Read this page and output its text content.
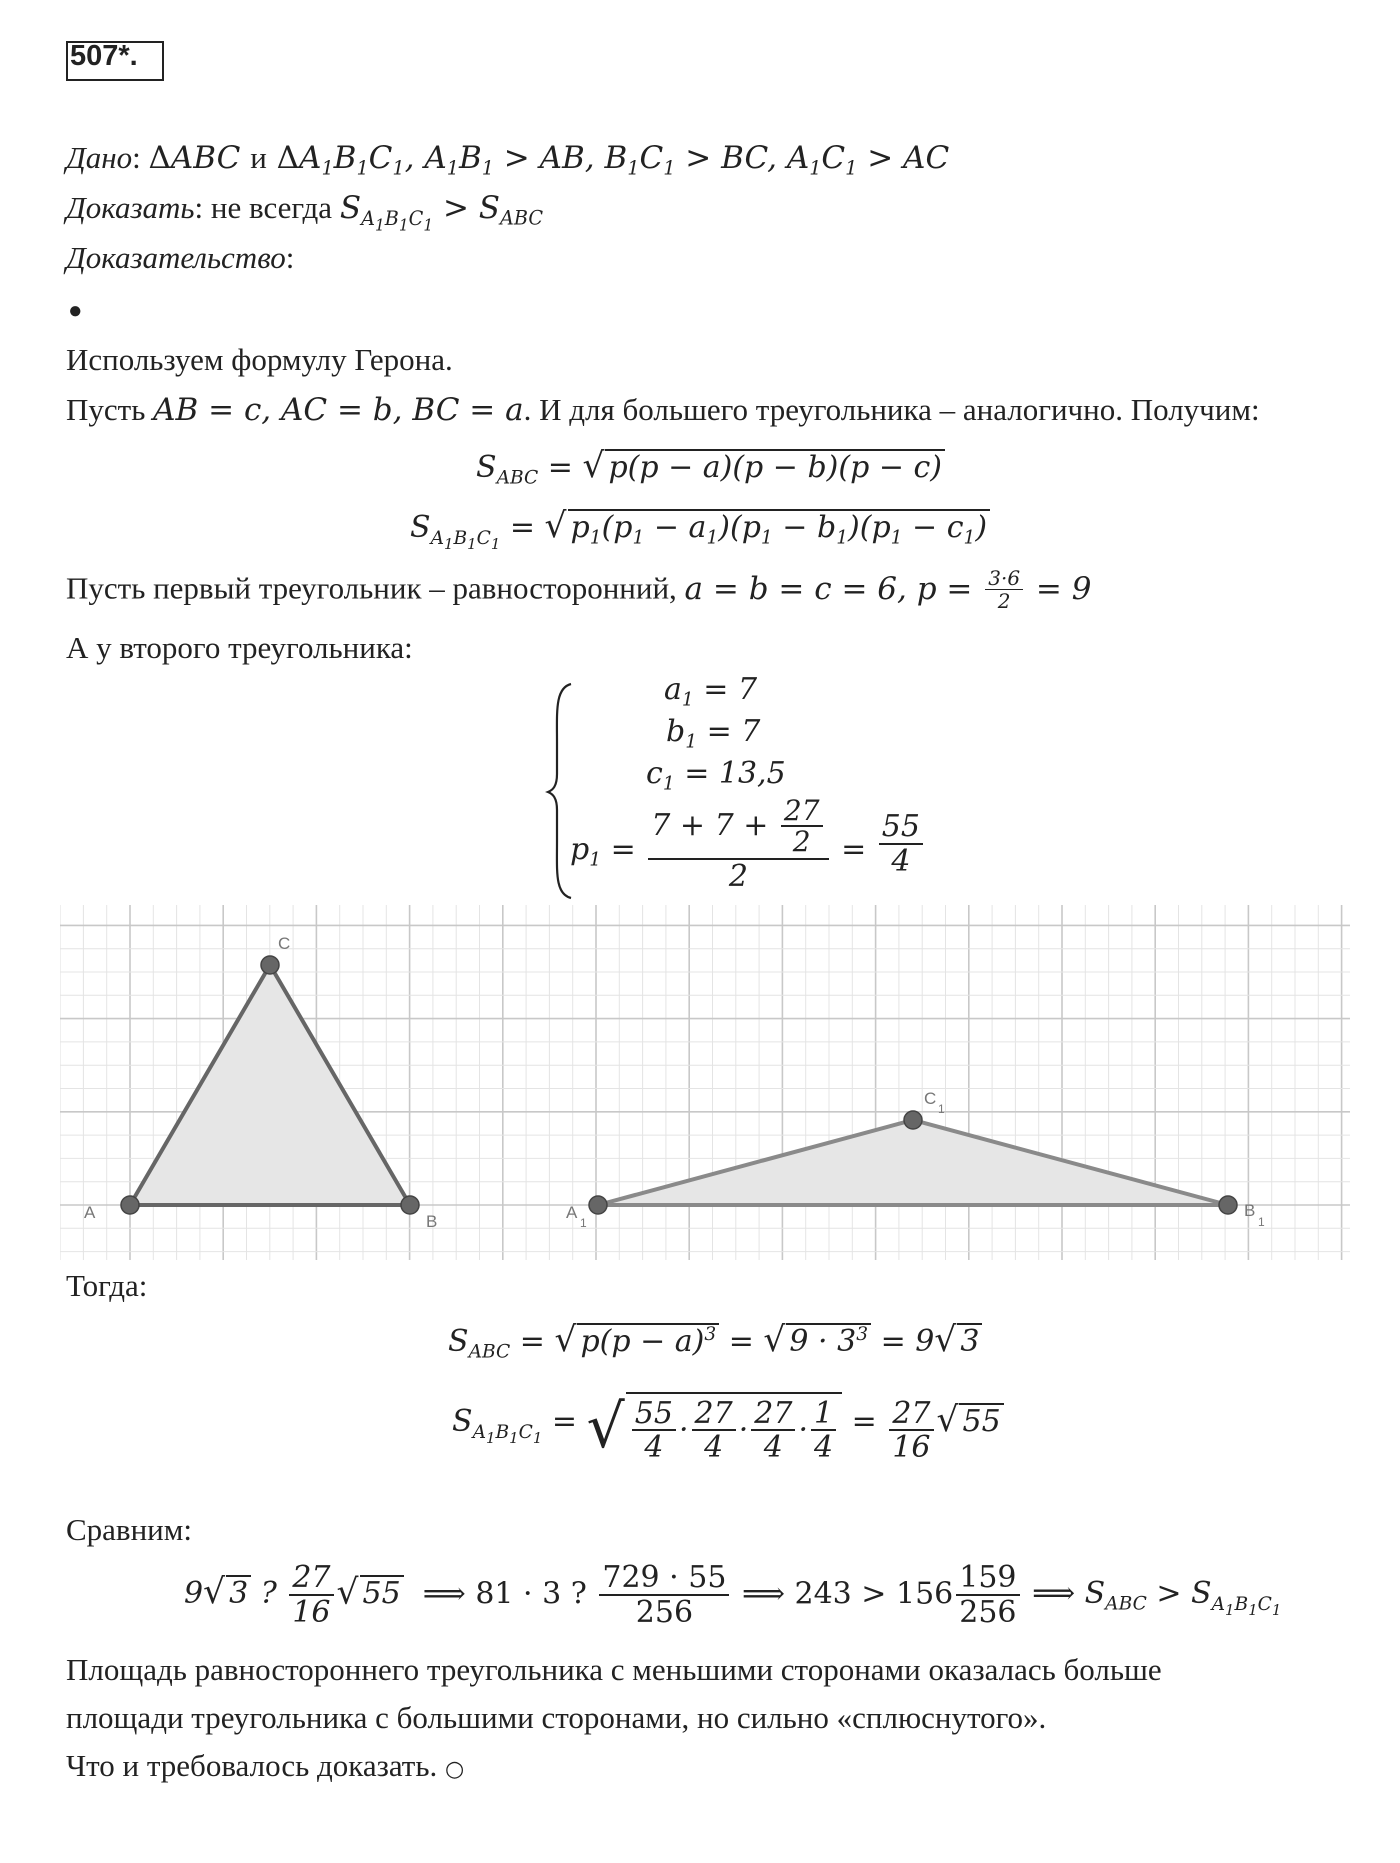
507*.
Дано: ΔABC и $\Delta A_1B_1C_1$, $A_1B_1$ > AB, $B_1C_1$ > BC, $A_1C_1$ > AC
Доказать: не всегда $S_{A_1B_1C_1} > S_{ABC}$
Доказательство:
●
Используем формулу Герона.
Пусть AB = c, AC = b, BC = a. И для большего треугольника – аналогично. Получим:
$S_{ABC}$ = √ p(p − a)(p − b)(p − c)
$S_{A_1B_1C_1}$ = √ $p_1(p_1 - a_1)(p_1 - b_1)(p_1 - c_1)$
Пусть первый треугольник – равносторонний, a = b = c = 6, $p = \frac{3\cdot 6}{2} = 9$
А у второго треугольника:
$a_1 = 7$
$b_1 = 7$
$c_1 = 13,5$
$p_1 = \frac{7 + 7 + \frac{27}{2}}{2} = \frac{55}{4}$
A	B
C
A
1
B
1
C
1
Тогда:
$S_{ABC}$ = √ $p(p - a)^3$ = √ $9 \cdot 3^3 = 9√$ 3
$S_{A_1B_1C_1}$ = √ $\frac{55}{4} \cdot \frac{27}{4} \cdot \frac{27}{4} \cdot \frac{1}{4} = \frac{27}{16}$ √ 55
Сравним:
9√ 3 ? $\frac{27}{16}$ √ 55  ⟹ 81 · 3 ? $\frac{729 \cdot 55}{256}$ ⟹ $243 > 156 \frac{159}{256}$ ⟹ $S_{ABC} > S_{A_1B_1C_1}$
Площадь равностороннего треугольника с меньшими сторонами оказалась больше
площади треугольника с большими сторонами, но сильно «сплюснутого».
Что и требовалось доказать. ○
